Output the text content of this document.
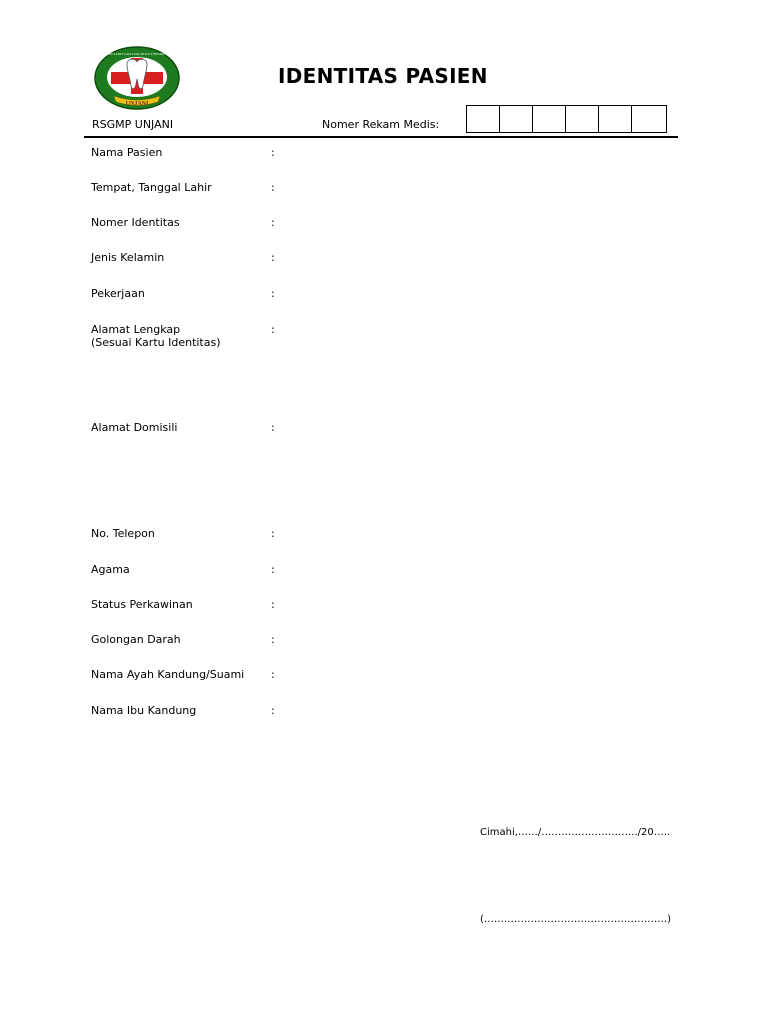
UNJANI
RUMAH SAKIT GIGI DAN MULUT PENDIDIKAN
IDENTITAS PASIEN
RSGMP UNJANI	Nomer Rekam Medis:
Nama Pasien	:
Tempat, Tanggal Lahir	:
Nomer Identitas	:
Jenis Kelamin	:
Pekerjaan	:
Alamat Lengkap
(Sesuai Kartu Identitas)
:
Alamat Domisili	:
No. Telepon	:
Agama	:
Status Perkawinan	:
Golongan Darah	:
Nama Ayah Kandung/Suami :
Nama Ibu Kandung	:
Cimahi,……/………………………../20…..
(……………………………………………….)
